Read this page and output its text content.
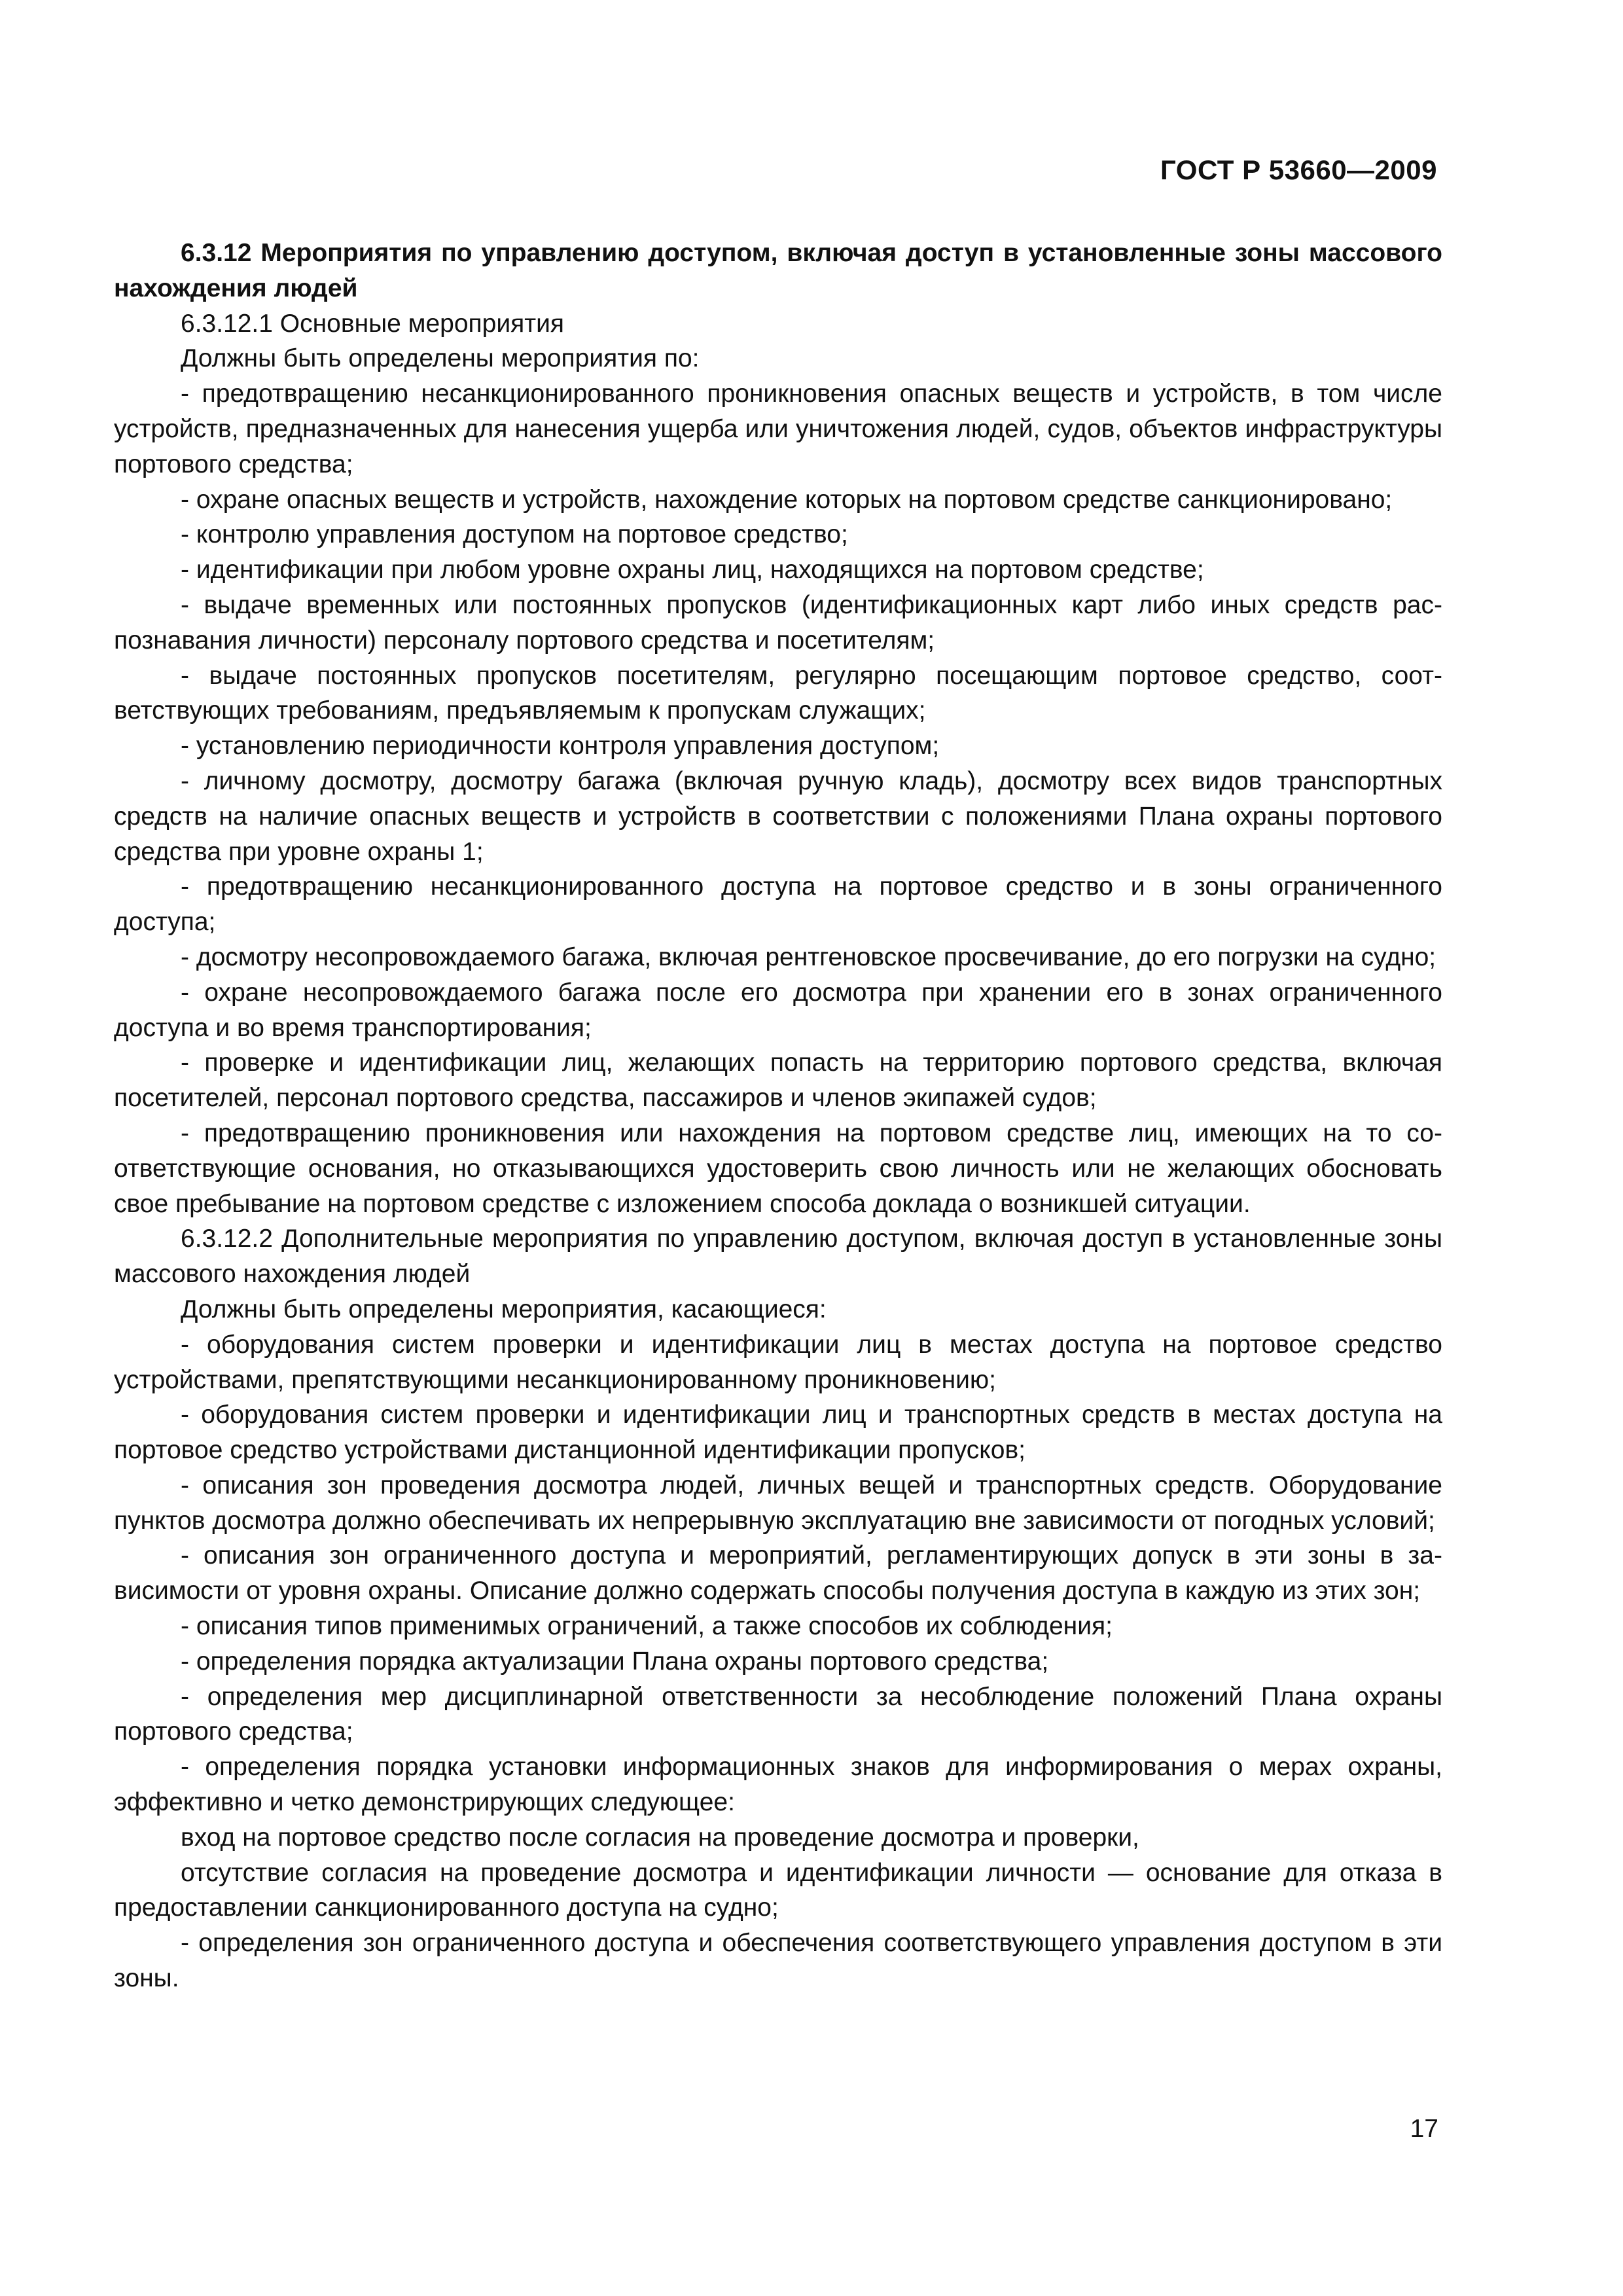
ГОСТ Р 53660—2009

6.3.12 Мероприятия по управлению доступом, включая доступ в установленные зоны массового нахождения людей

6.3.12.1 Основные мероприятия

Должны быть определены мероприятия по:

- предотвращению несанкционированного проникновения опасных веществ и устройств, в том числе устройств, предназначенных для нанесения ущерба или уничтожения людей, судов, объектов инфраструктуры портового средства;

- охране опасных веществ и устройств, нахождение которых на портовом средстве санкционировано;

- контролю управления доступом на портовое средство;

- идентификации при любом уровне охраны лиц, находящихся на портовом средстве;

- выдаче временных или постоянных пропусков (идентификационных карт либо иных средств распознавания личности) персоналу портового средства и посетителям;

- выдаче постоянных пропусков посетителям, регулярно посещающим портовое средство, соответствующих требованиям, предъявляемым к пропускам служащих;

- установлению периодичности контроля управления доступом;

- личному досмотру, досмотру багажа (включая ручную кладь), досмотру всех видов транспортных средств на наличие опасных веществ и устройств в соответствии с положениями Плана охраны портового средства при уровне охраны 1;

- предотвращению несанкционированного доступа на портовое средство и в зоны ограниченного доступа;

- досмотру несопровождаемого багажа, включая рентгеновское просвечивание, до его погрузки на судно;

- охране несопровождаемого багажа после его досмотра при хранении его в зонах ограниченного доступа и во время транспортирования;

- проверке и идентификации лиц, желающих попасть на территорию портового средства, включая посетителей, персонал портового средства, пассажиров и членов экипажей судов;

- предотвращению проникновения или нахождения на портовом средстве лиц, имеющих на то соответствующие основания, но отказывающихся удостоверить свою личность или не желающих обосновать свое пребывание на портовом средстве с изложением способа доклада о возникшей ситуации.

6.3.12.2 Дополнительные мероприятия по управлению доступом, включая доступ в установленные зоны массового нахождения людей

Должны быть определены мероприятия, касающиеся:

- оборудования систем проверки и идентификации лиц в местах доступа на портовое средство устройствами, препятствующими несанкционированному проникновению;

- оборудования систем проверки и идентификации лиц и транспортных средств в местах доступа на портовое средство устройствами дистанционной идентификации пропусков;

- описания зон проведения досмотра людей, личных вещей и транспортных средств. Оборудование пунктов досмотра должно обеспечивать их непрерывную эксплуатацию вне зависимости от погодных условий;

- описания зон ограниченного доступа и мероприятий, регламентирующих допуск в эти зоны в зависимости от уровня охраны. Описание должно содержать способы получения доступа в каждую из этих зон;

- описания типов применимых ограничений, а также способов их соблюдения;

- определения порядка актуализации Плана охраны портового средства;

- определения мер дисциплинарной ответственности за несоблюдение положений Плана охраны портового средства;

- определения порядка установки информационных знаков для информирования о мерах охраны, эффективно и четко демонстрирующих следующее:

вход на портовое средство после согласия на проведение досмотра и проверки,

отсутствие согласия на проведение досмотра и идентификации личности — основание для отказа в предоставлении санкционированного доступа на судно;

- определения зон ограниченного доступа и обеспечения соответствующего управления доступом в эти зоны.

17
